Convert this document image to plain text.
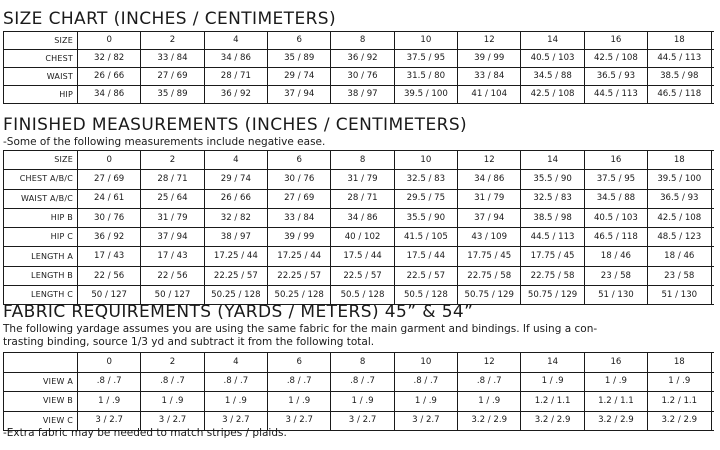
SIZE CHART (INCHES / CENTIMETERS)
SIZE	0	2	4	6	8	10	12	14	16	18	
CHEST	32 / 82	33 / 84	34 / 86	35 / 89	36 / 92	37.5 / 95	39 / 99	40.5 / 103	42.5 / 108	44.5 / 113	
WAIST	26 / 66	27 / 69	28 / 71	29 / 74	30 / 76	31.5 / 80	33 / 84	34.5 / 88	36.5 / 93	38.5 / 98	
HIP	34 / 86	35 / 89	36 / 92	37 / 94	38 / 97	39.5 / 100	41 / 104	42.5 / 108	44.5 / 113	46.5 / 118	
FINISHED MEASUREMENTS (INCHES / CENTIMETERS)

-Some of the following measurements include negative ease.

SIZE	0	2	4	6	8	10	12	14	16	18	
CHEST A/B/C	27 / 69	28 / 71	29 / 74	30 / 76	31 / 79	32.5 / 83	34 / 86	35.5 / 90	37.5 / 95	39.5 / 100	
WAIST A/B/C	24 / 61	25 / 64	26 / 66	27 / 69	28 / 71	29.5 / 75	31 / 79	32.5 / 83	34.5 / 88	36.5 / 93	
HIP B	30 / 76	31 / 79	32 / 82	33 / 84	34 / 86	35.5 / 90	37 / 94	38.5 / 98	40.5 / 103	42.5 / 108	
HIP C	36 / 92	37 / 94	38 / 97	39 / 99	40 / 102	41.5 / 105	43 / 109	44.5 / 113	46.5 / 118	48.5 / 123	
LENGTH A	17 / 43	17 / 43	17.25 / 44	17.25 / 44	17.5 / 44	17.5 / 44	17.75 / 45	17.75 / 45	18 / 46	18 / 46	
LENGTH B	22 / 56	22 / 56	22.25 / 57	22.25 / 57	22.5 / 57	22.5 / 57	22.75 / 58	22.75 / 58	23 / 58	23 / 58	
LENGTH C	50 / 127	50 / 127	50.25 / 128	50.25 / 128	50.5 / 128	50.5 / 128	50.75 / 129	50.75 / 129	51 / 130	51 / 130	
FABRIC REQUIREMENTS (YARDS / METERS) 45” & 54”

The following yardage assumes you are using the same fabric for the main garment and bindings. If using a con-
trasting binding, source 1/3 yd and subtract it from the following total.

	0	2	4	6	8	10	12	14	16	18	
VIEW A	.8 / .7	.8 / .7	.8 / .7	.8 / .7	.8 / .7	.8 / .7	.8 / .7	1 / .9	1 / .9	1 / .9	
VIEW B	1 / .9	1 / .9	1 / .9	1 / .9	1 / .9	1 / .9	1 / .9	1.2 / 1.1	1.2 / 1.1	1.2 / 1.1	
VIEW C	3 / 2.7	3 / 2.7	3 / 2.7	3 / 2.7	3 / 2.7	3 / 2.7	3.2 / 2.9	3.2 / 2.9	3.2 / 2.9	3.2 / 2.9	

-Extra fabric may be needed to match stripes / plaids.
